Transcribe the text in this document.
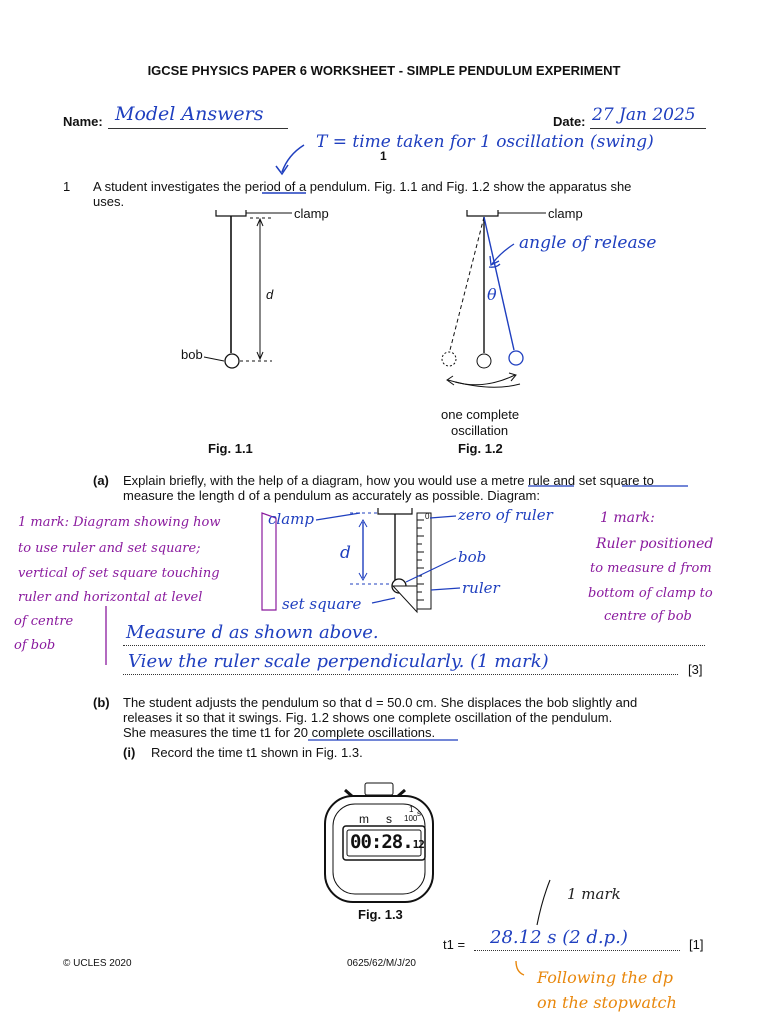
IGCSE PHYSICS PAPER 6 WORKSHEET - SIMPLE PENDULUM EXPERIMENT
Name: Model Answers	Date: 27 Jan 2025
T = time taken for 1 oscillation (swing)
1
1 A student investigates the period of a pendulum. Fig. 1.1 and Fig. 1.2 show the apparatus she
uses.
clamp
d
bob
Fig. 1.1
clamp
angle of release
θ
one complete
oscillation
Fig. 1.2
(a) Explain briefly, with the help of a diagram, how you would use a metre rule and set square to
measure the length d of a pendulum as accurately as possible. Diagram:
clamp	zero of ruler
0
d	bob
ruler
set square
1 mark: Diagram showing how
to use ruler and set square;
vertical of set square touching
ruler and horizontal at level
of centre
of bob
1 mark:
Ruler positioned
to measure d from
bottom of clamp to
centre of bob
Measure d as shown above.
View the ruler scale perpendicularly. (1 mark)	[3]
(b) The student adjusts the pendulum so that d = 50.0 cm. She displaces the bob slightly and
releases it so that it swings. Fig. 1.2 shows one complete oscillation of the pendulum.
She measures the time t1 for 20 complete oscillations.
(i) Record the time t1 shown in Fig. 1.3.
m s
1
100
s
00:28.12
Fig. 1.3
1 mark
t1 = 28.12 s (2 d.p.)	[1]
Following the dp
on the stopwatch
© UCLES 2020	0625/62/M/J/20
